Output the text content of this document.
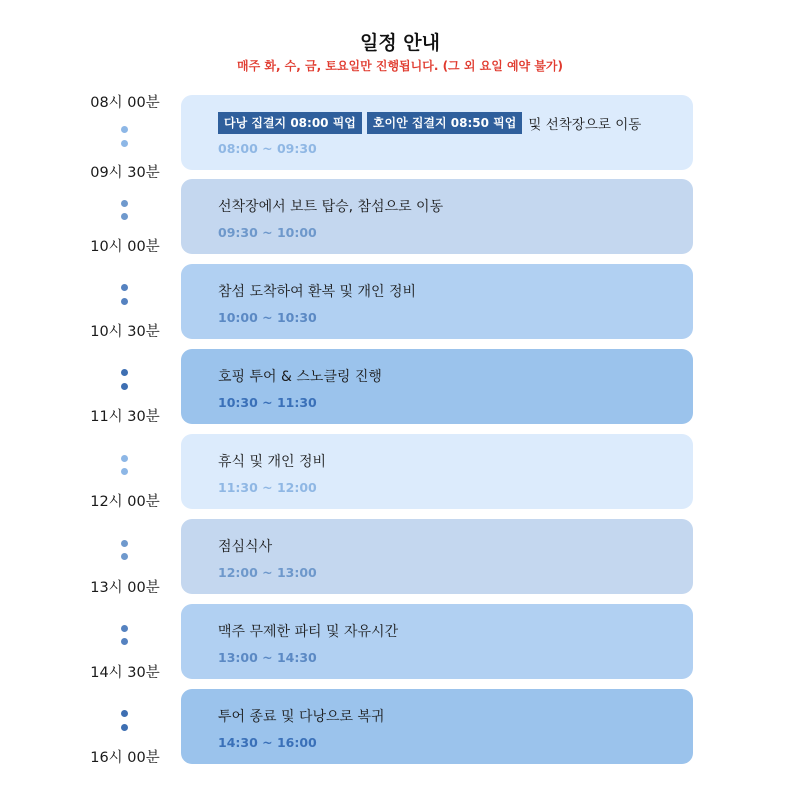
일정 안내
매주 화, 수, 금, 토요일만 진행됩니다. (그 외 요일 예약 불가)
08시 00분
09시 30분
10시 00분
10시 30분
11시 30분
12시 00분
13시 00분
14시 30분
16시 00분
다낭 집결지 08:00 픽업	호이안 집결지 08:50 픽업 및 선착장으로 이동
08:00 ~ 09:30
선착장에서 보트 탑승, 참섬으로 이동
09:30 ~ 10:00
참섬 도착하여 환복 및 개인 정비
10:00 ~ 10:30
호핑 투어 & 스노클링 진행
10:30 ~ 11:30
휴식 및 개인 정비
11:30 ~ 12:00
점심식사
12:00 ~ 13:00
맥주 무제한 파티 및 자유시간
13:00 ~ 14:30
투어 종료 및 다낭으로 복귀
14:30 ~ 16:00
